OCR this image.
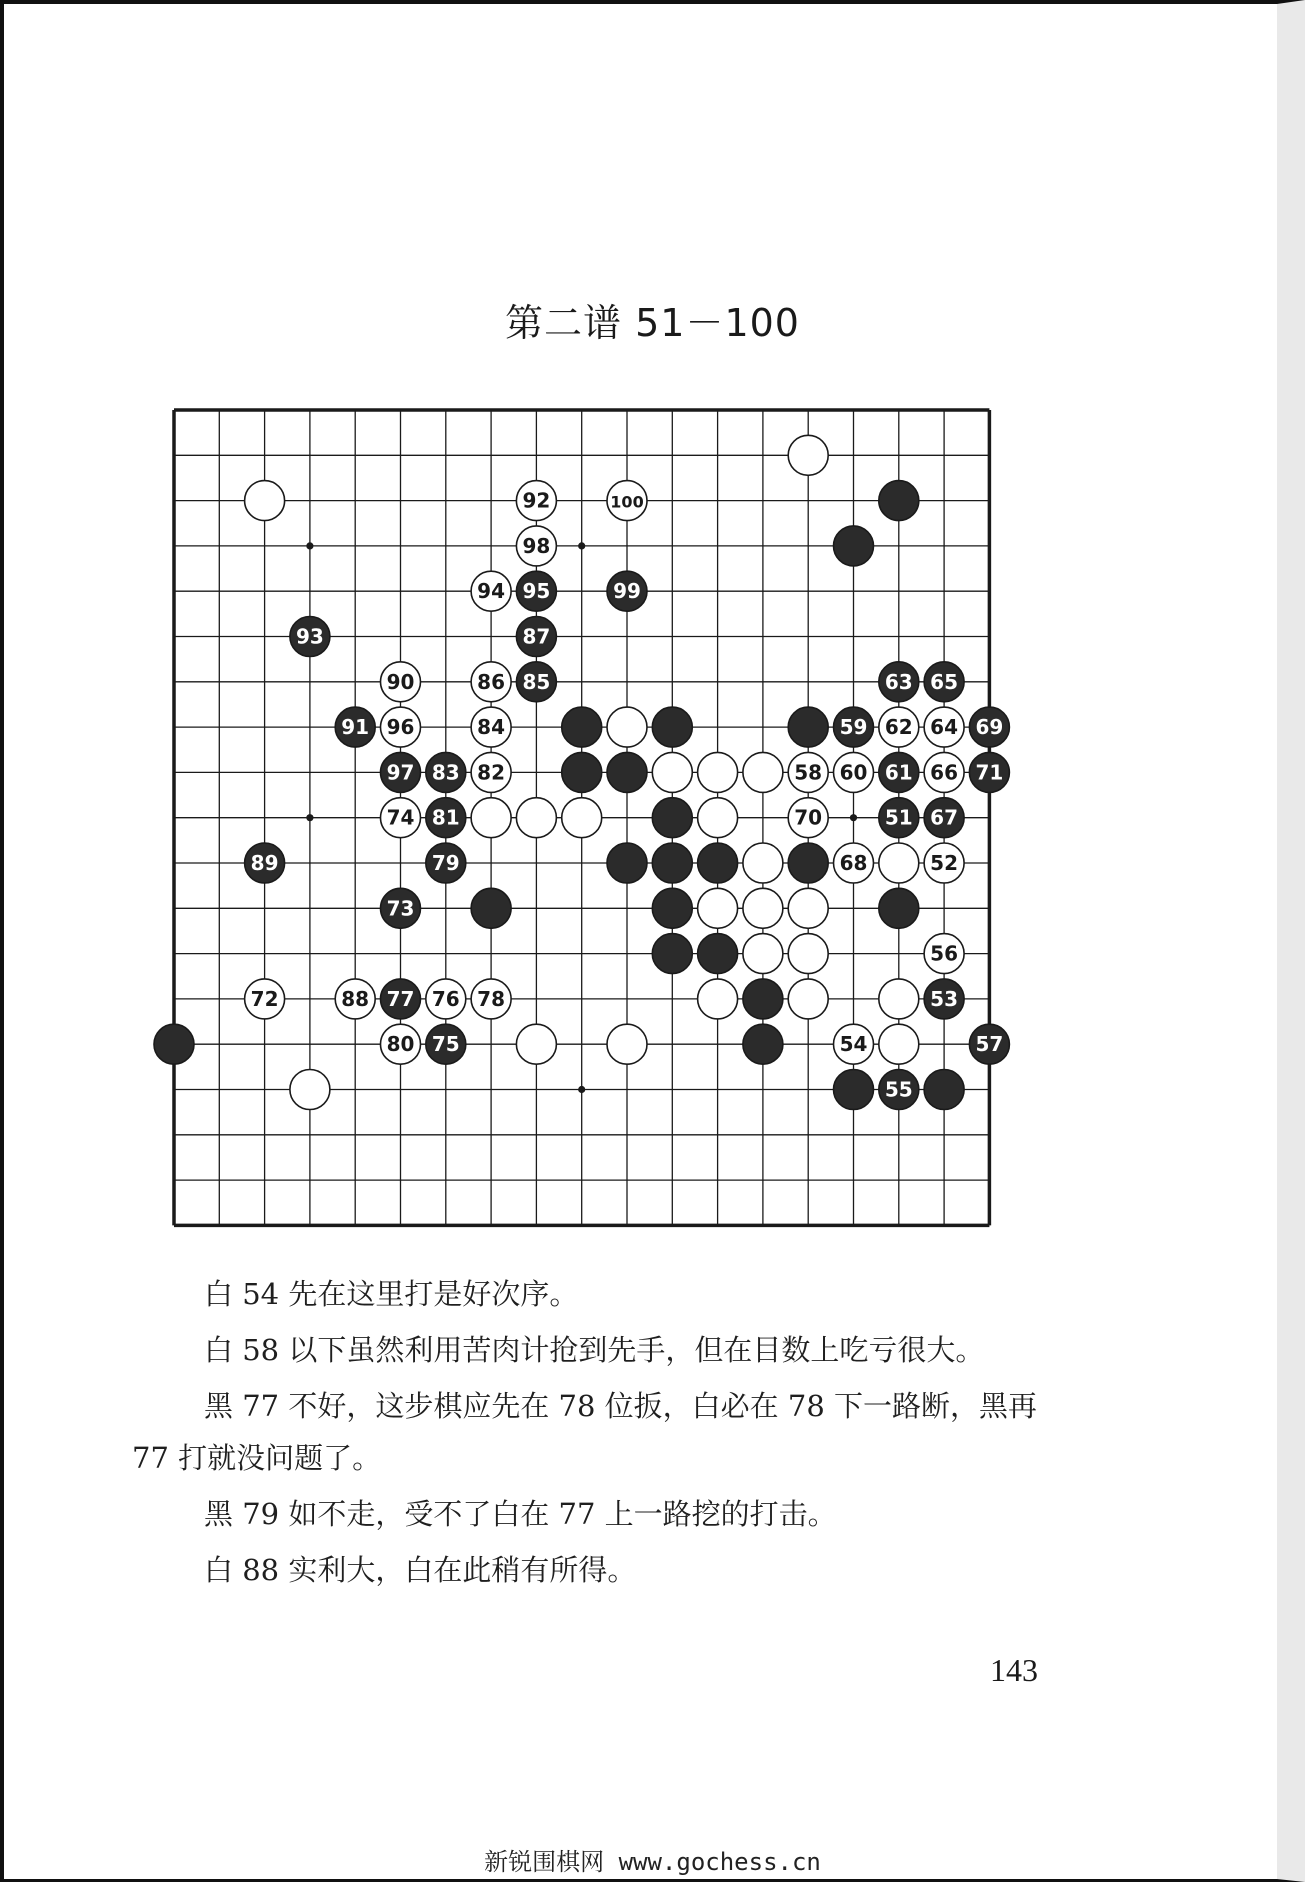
第二谱 51－100
51
52
53
54
55
56
57
58
59
60 61
62
63
64
65
66
67
68
69
70
71
72
73
74
75
76
77	78
79
80
81
82
83
84
85
86
87
88
89
90
91
92
93
94 95
96
97
98
99
100

白 54 先在这里打是好次序。

白 58 以下虽然利用苦肉计抢到先手，但在目数上吃亏很大。

黑 77 不好，这步棋应先在 78 位扳，白必在 78 下一路断，黑再 77 打就没问题了。

黑 79 如不走，受不了白在 77 上一路挖的打击。

白 88 实利大，白在此稍有所得。

143
新锐围棋网 www.gochess.cn
